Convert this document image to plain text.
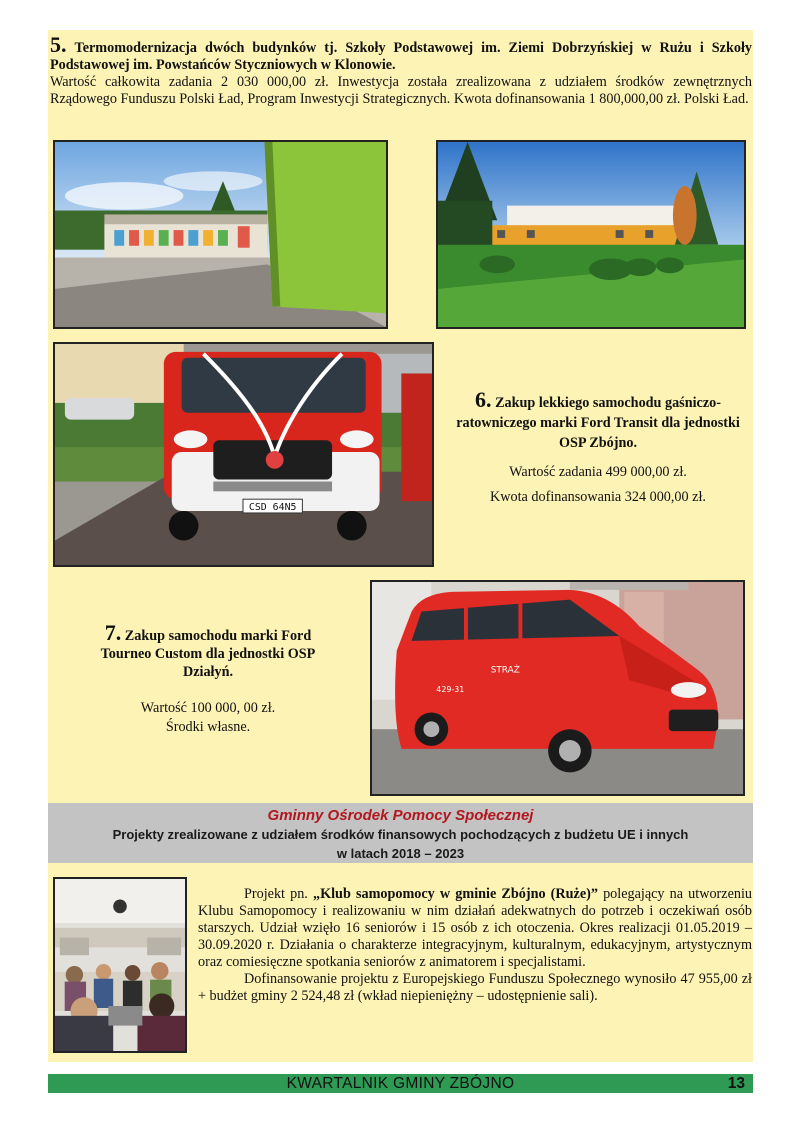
5. Termomodernizacja dwóch budynków tj. Szkoły Podstawowej im. Ziemi Dobrzyńskiej w Rużu i Szkoły Podstawowej im. Powstańców Styczniowych w Klonowie.
Wartość całkowita zadania 2 030 000,00 zł. Inwestycja została zrealizowana z udziałem środków zewnętrznych Rządowego Funduszu Polski Ład, Program Inwestycji Strategicznych. Kwota dofinansowania 1 800,000,00 zł. Polski Ład.
CSD 64N5
6. Zakup lekkiego samochodu gaśniczo-ratowniczego marki Ford Transit dla jednostki OSP Zbójno.
Wartość zadania 499 000,00 zł.
Kwota dofinansowania 324 000,00 zł.
7. Zakup samochodu marki Ford Tourneo Custom dla jednostki OSP Działyń.
Wartość 100 000, 00 zł.
Środki własne.
STRAŻ
429-31
Gminny Ośrodek Pomocy Społecznej
Projekty zrealizowane z udziałem środków finansowych pochodzących z budżetu UE i innych
w latach 2018 – 2023
Projekt pn. „Klub samopomocy w gminie Zbójno (Ruże)” polegający na utworzeniu Klubu Samopomocy i realizowaniu w nim działań adekwatnych do potrzeb i oczekiwań osób starszych. Udział wzięło 16 seniorów i 15 osób z ich otoczenia. Okres realizacji 01.05.2019 – 30.09.2020 r. Działania o charakterze integracyjnym, kulturalnym, edukacyjnym, artystycznym oraz comiesięczne spotkania seniorów z animatorem i specjalistami.
Dofinansowanie projektu z Europejskiego Funduszu Społecznego wynosiło 47 955,00 zł + budżet gminy 2 524,48 zł (wkład niepieniężny – udostępnienie sali).
KWARTALNIK GMINY ZBÓJNO	13
